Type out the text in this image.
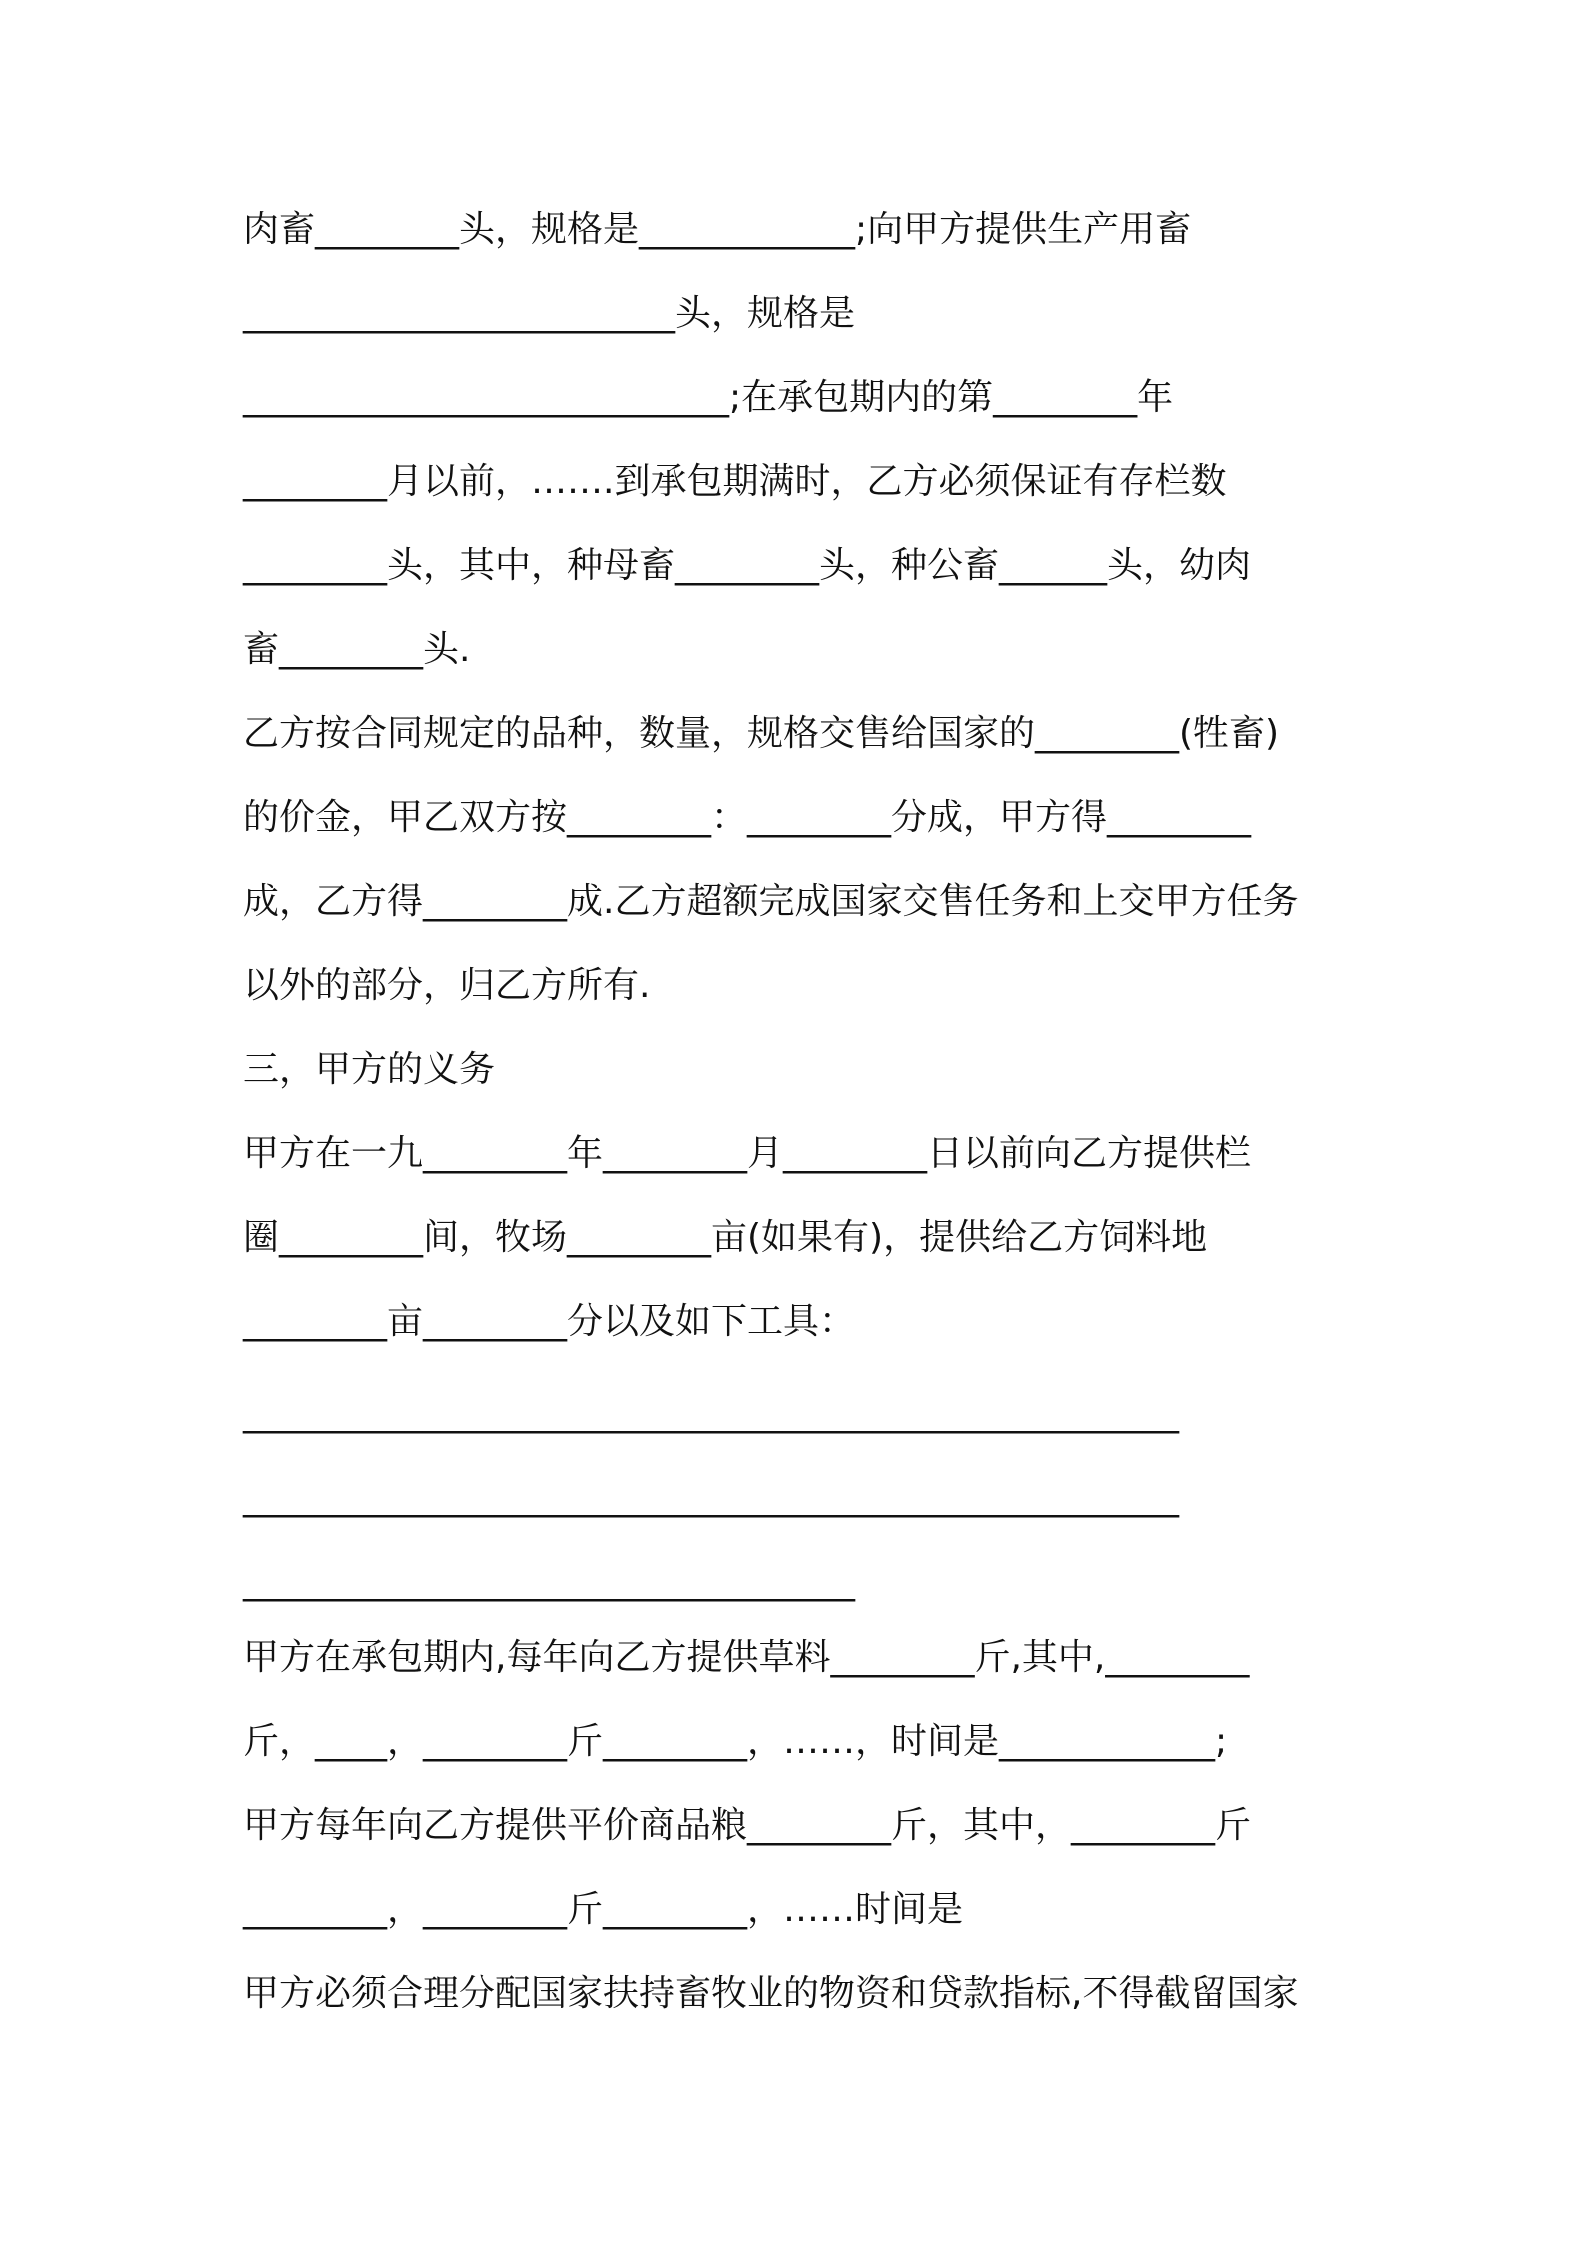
肉畜________头，规格是____________;向甲方提供生产用畜
________________________头，规格是
___________________________;在承包期内的第________年
________月以前，…….到承包期满时，乙方必须保证有存栏数
________头，其中，种母畜________头，种公畜______头，幼肉
畜________头.
乙方按合同规定的品种，数量，规格交售给国家的________(牲畜)
的价金，甲乙双方按________：________分成，甲方得________
成，乙方得________成.乙方超额完成国家交售任务和上交甲方任务
以外的部分，归乙方所有.
三，甲方的义务
甲方在一九________年________月________日以前向乙方提供栏
圈________间，牧场________亩(如果有)，提供给乙方饲料地
________亩________分以及如下工具：
____________________________________________________
____________________________________________________
__________________________________
甲方在承包期内,每年向乙方提供草料________斤,其中,________
斤，____，________斤________，……，时间是____________;
甲方每年向乙方提供平价商品粮________斤，其中，________斤
________，________斤________，……时间是
甲方必须合理分配国家扶持畜牧业的物资和贷款指标,不得截留国家
